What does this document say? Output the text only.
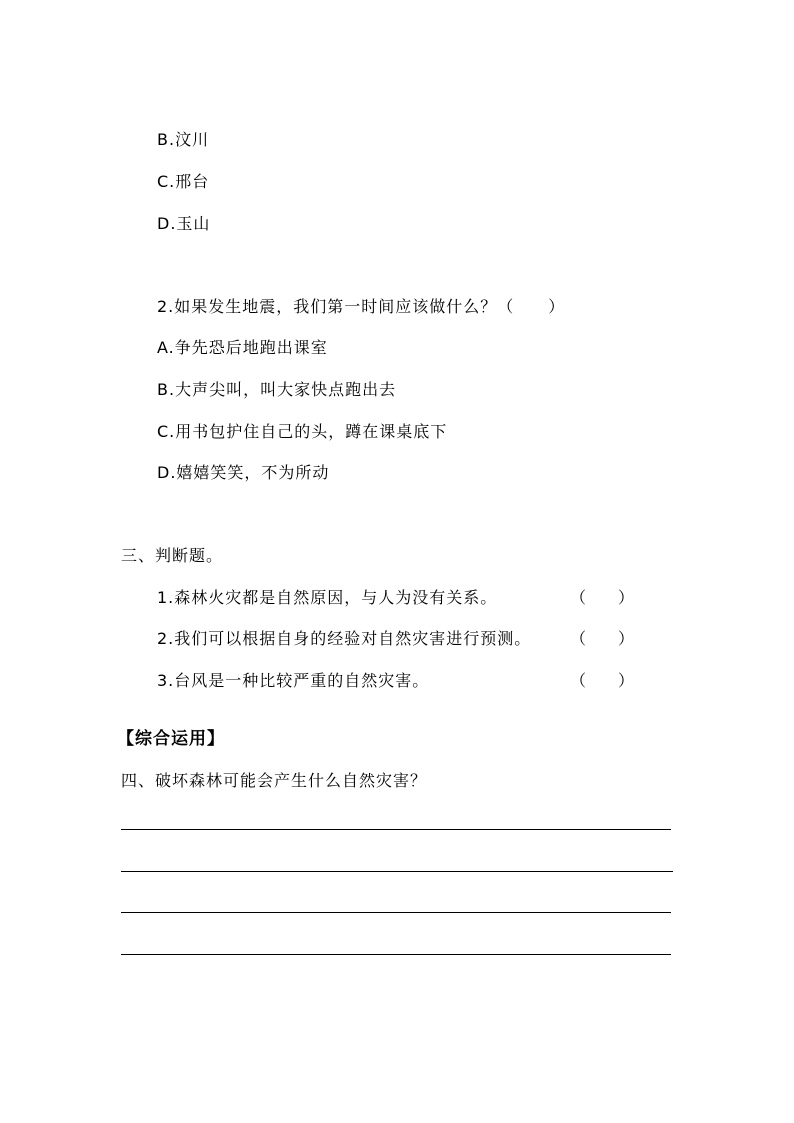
B.汶川
C.邢台
D.玉山
2.如果发生地震，我们第一时间应该做什么？（　　）
A.争先恐后地跑出课室
B.大声尖叫，叫大家快点跑出去
C.用书包护住自己的头，蹲在课桌底下
D.嬉嬉笑笑，不为所动
三、判断题。
1.森林火灾都是自然原因，与人为没有关系。	（　　）
2.我们可以根据自身的经验对自然灾害进行预测。 （　　）
3.台风是一种比较严重的自然灾害。	（　　）
【综合运用】
四、破坏森林可能会产生什么自然灾害？
